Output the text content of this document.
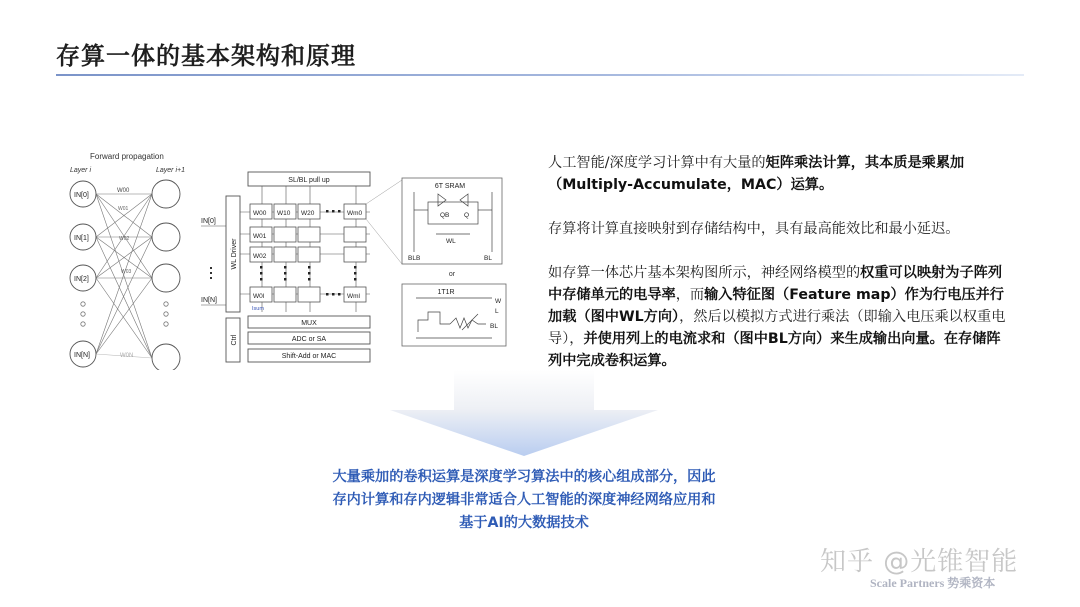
存算一体的基本架构和原理
Forward propagation
Layer i	Layer i+1
IN[0]
IN[1]
IN[2]
IN[N]
W00
W01
W02
W03
W0N
SL/BL pull up
WL Driver
Ctrl
IN[0]
IN[N]
W00 W10 W20	Wm0
W01
W02
W0l	Wml
Isum
MUX
ADC or SA
Shift-Add or MAC
6T SRAM
QB Q
WL
BLB	BL
or
1T1R
W
L
BL
人工智能/深度学习计算中有大量的矩阵乘法计算，其本质是乘累加（Multiply-Accumulate，MAC）运算。
存算将计算直接映射到存储结构中，具有最高能效比和最小延迟。
如存算一体芯片基本架构图所示，神经网络模型的权重可以映射为子阵列中存储单元的电导率，而输入特征图（Feature map）作为行电压并行加载（图中WL方向），然后以模拟方式进行乘法（即输入电压乘以权重电导），并使用列上的电流求和（图中BL方向）来生成输出向量。在存储阵列中完成卷积运算。
大量乘加的卷积运算是深度学习算法中的核心组成部分，因此
存内计算和存内逻辑非常适合人工智能的深度神经网络应用和
基于AI的大数据技术
知乎 @光锥智能
Scale Partners 势乘资本
